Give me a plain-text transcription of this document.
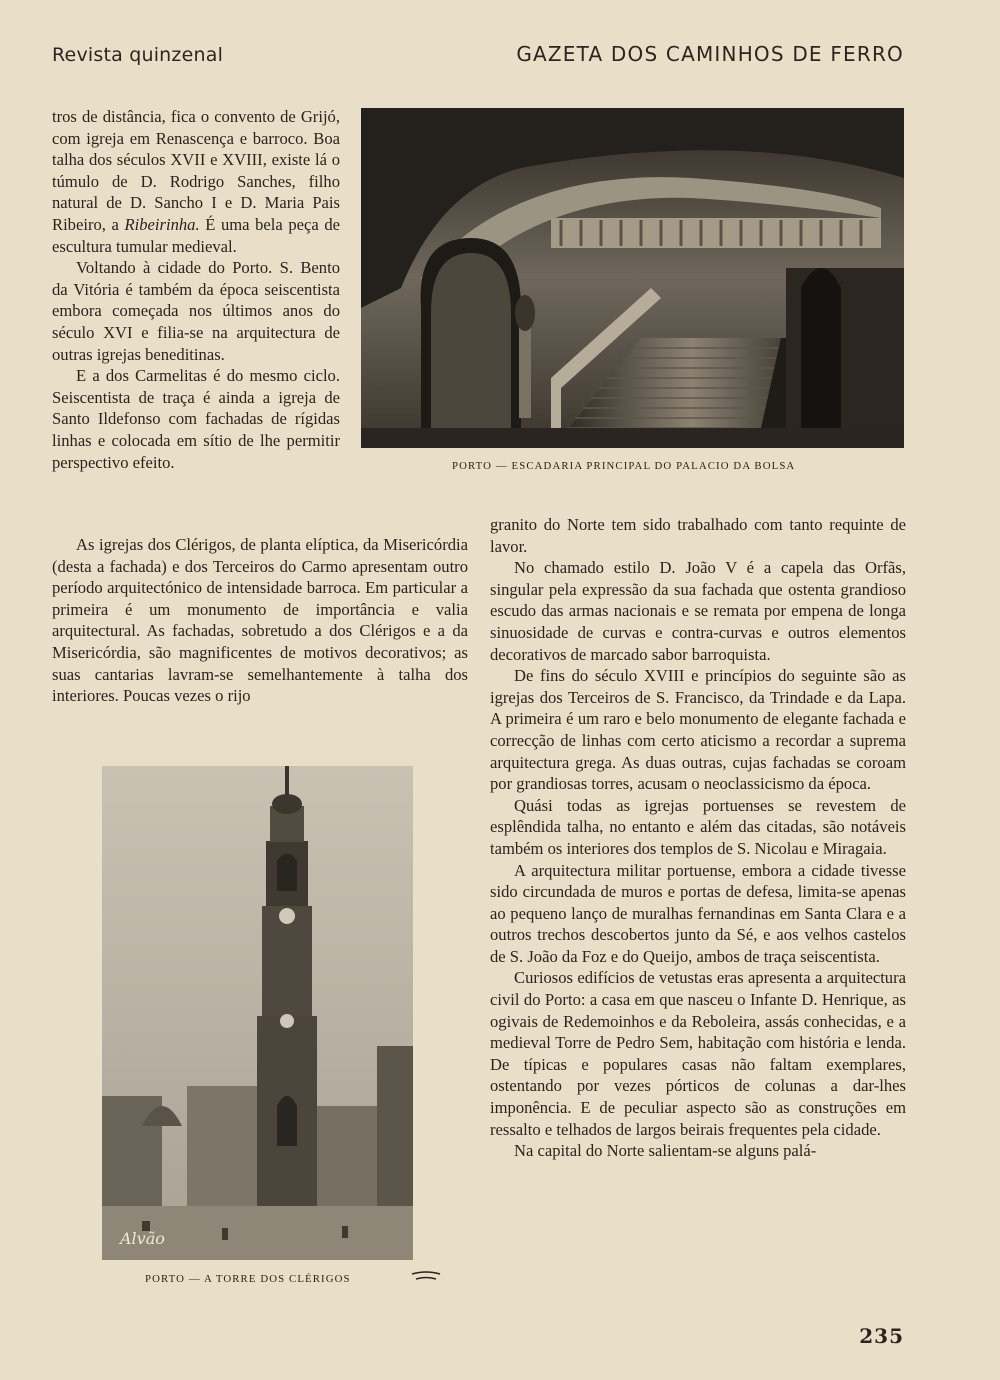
Revista quinzenal	GAZETA DOS CAMINHOS DE FERRO

tros de distância, fica o convento de Grijó, com igreja em Renascença e barroco. Boa talha dos séculos XVII e XVIII, existe lá o túmulo de D. Rodrigo Sanches, filho natural de D. Sancho I e D. Maria Pais Ribeiro, a Ribeirinha. É uma bela peça de escultura tumular medieval.

Voltando à cidade do Porto. S. Bento da Vitória é também da época seiscentista embora começada nos últimos anos do século XVI e filia-se na arquitectura de outras igrejas beneditinas.

E a dos Carmelitas é do mesmo ciclo. Seiscentista de traça é ainda a igreja de Santo Ildefonso com fachadas de rígidas linhas e colocada em sítio de lhe permitir perspectivo efeito.

As igrejas dos Clérigos, de planta elíptica, da Misericórdia (desta a fachada) e dos Terceiros do Carmo apresentam outro período arquitectónico de intensidade barroca. Em particular a primeira é um monumento de importância e valia arquitectural. As fachadas, sobretudo a dos Clérigos e a da Misericórdia, são magnificentes de motivos decorativos; as suas cantarias lavram-se semelhantemente à talha dos interiores. Poucas vezes o rijo

PORTO — ESCADARIA PRINCIPAL DO PALACIO DA BOLSA
Alvão
PORTO — A TORRE DOS CLÉRIGOS

granito do Norte tem sido trabalhado com tanto requinte de lavor.

No chamado estilo D. João V é a capela das Orfãs, singular pela expressão da sua fachada que ostenta grandioso escudo das armas nacionais e se remata por empena de longa sinuosidade de curvas e contra-curvas e outros elementos decorativos de marcado sabor barroquista.

De fins do século XVIII e princípios do seguinte são as igrejas dos Terceiros de S. Francisco, da Trindade e da Lapa. A primeira é um raro e belo monumento de elegante fachada e correcção de linhas com certo aticismo a recordar a suprema arquitectura grega. As duas outras, cujas fachadas se coroam por grandiosas torres, acusam o neoclassicismo da época.

Quási todas as igrejas portuenses se revestem de esplêndida talha, no entanto e além das citadas, são notáveis também os interiores dos templos de S. Nicolau e Miragaia.

A arquitectura militar portuense, embora a cidade tivesse sido circundada de muros e portas de defesa, limita-se apenas ao pequeno lanço de muralhas fernandinas em Santa Clara e a outros trechos descobertos junto da Sé, e aos velhos castelos de S. João da Foz e do Queijo, ambos de traça seiscentista.

Curiosos edifícios de vetustas eras apresenta a arquitectura civil do Porto: a casa em que nasceu o Infante D. Henrique, as ogivais de Redemoinhos e da Reboleira, assás conhecidas, e a medieval Torre de Pedro Sem, habitação com história e lenda. De típicas e populares casas não faltam exemplares, ostentando por vezes pórticos de colunas a dar-lhes imponência. E de peculiar aspecto são as construções em ressalto e telhados de largos beirais frequentes pela cidade.

Na capital do Norte salientam-se alguns palá-

235
